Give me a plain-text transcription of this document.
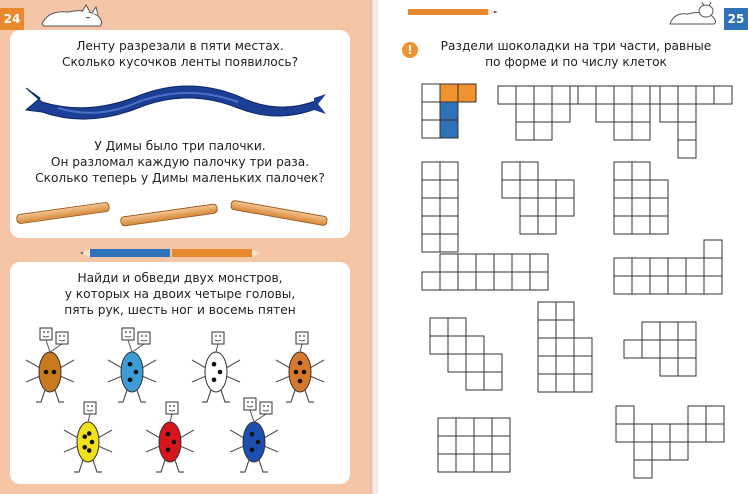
24
Ленту разрезали в пяти местах.
Сколько кусочков ленты появилось?
У Димы было три палочки.
Он разломал каждую палочку три раза.
Сколько теперь у Димы маленьких палочек?
Найди и обведи двух монстров,
у которых на двоих четыре головы,
пять рук, шесть ног и восемь пятен
25
!	Раздели шоколадки на три части, равные
по форме и по числу клеток
